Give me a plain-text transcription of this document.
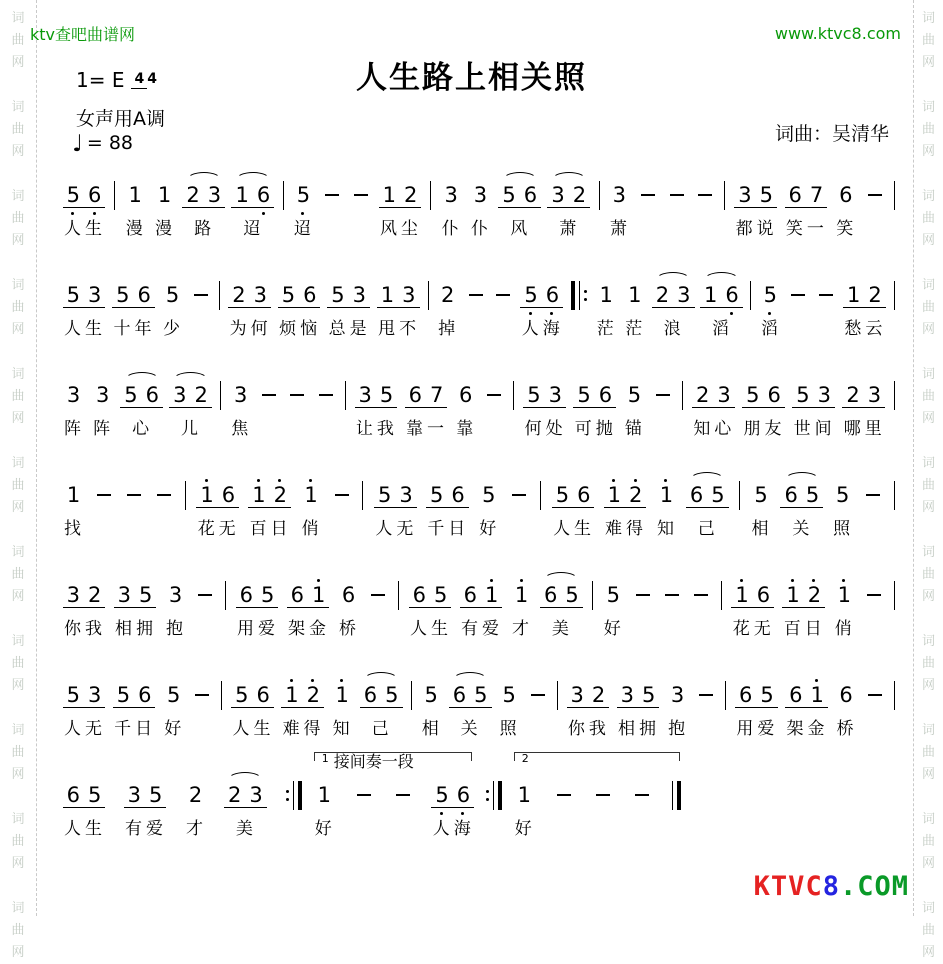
词
曲
网
词
曲
网
词
曲
网
词
曲
网
词
曲
网
词
曲
网
词
曲
网
词
曲
网
词
曲
网
词
曲
网
词
曲
网
词
曲
网
词
曲
网
词
曲
网
词
曲
网
词
曲
网
词
曲
网
词
曲
网
词
曲
网
词
曲
网
词
曲
网
词
曲
网
ktv查吧曲谱网	www.ktvc8.com
人生路上相关照
1= E 4 4
女声用A调
♩ = 88	词曲：吴清华
5 6
人生
1
漫
1
漫
2 3
路
1 6
迢
5
迢
1 2
风尘
3
仆
3
仆
5 6
风
3 2
萧
3
萧
3 5
都说
6 7
笑一
6
笑
5 3
人生
5 6
十年
5
少
2 3
为何
5 6
烦恼
5 3
总是
1 3
甩不
2
掉
5 6
人海
1
茫
1
茫
2 3
浪
1 6
滔
5
滔
1 2
愁云
3
阵
3
阵
5 6
心
3 2
儿
3
焦
3 5
让我
6 7
靠一
6
靠
5 3
何处
5 6
可抛
5
锚
2 3
知心
5 6
朋友
5 3
世间
2 3
哪里
1
找
1 6
花无
1 2
百日
1
俏
5 3
人无
5 6
千日
5
好
5 6
人生
1 2
难得
1
知
6 5
己
5
相
6 5
关
5
照
3 2
你我
3 5
相拥
3
抱
6 5
用爱
6 1
架金
6
桥
6 5
人生
6 1
有爱
1
才
6 5
美
5
好
1 6
花无
1 2
百日
1
俏
5 3
人无
5 6
千日
5
好
5 6
人生
1 2
难得
1
知
6 5
己
5
相
6 5
关
5
照
3 2
你我
3 5
相拥
3
抱
6 5
用爱
6 1
架金
6
桥
6 5
人生
3 5
有爱
2
才
2 3
美
1 接间奏一段
1
好
5 6
人海
2
1
好
KTVC8.COM
